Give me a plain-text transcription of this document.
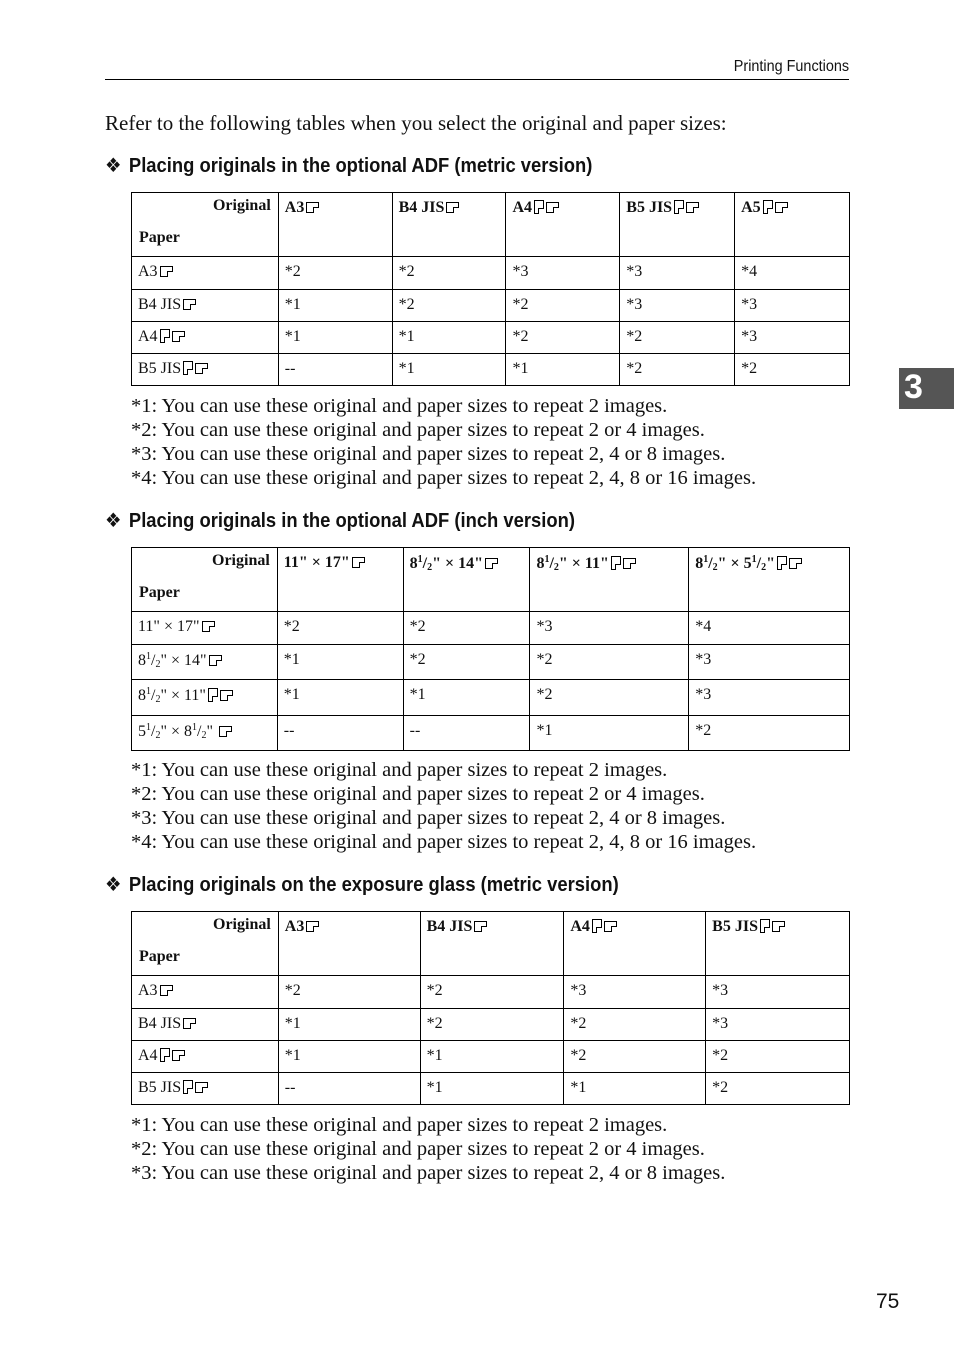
Printing Functions
Refer to the following tables when you select the original and paper sizes:
❖ Placing originals in the optional ADF (metric version)
Original
Paper	A3	B4 JIS	A4	B5 JIS	A5
A3	*2	*2	*3	*3	*4
B4 JIS	*1	*2	*2	*3	*3
A4	*1	*1	*2	*2	*3
B5 JIS	--	*1	*1	*2	*2
*1: You can use these original and paper sizes to repeat 2 images.
*2: You can use these original and paper sizes to repeat 2 or 4 images.
*3: You can use these original and paper sizes to repeat 2, 4 or 8 images.
*4: You can use these original and paper sizes to repeat 2, 4, 8 or 16 images.
❖ Placing originals in the optional ADF (inch version)
Original
Paper	11" × 17"	$8^1/_2$" × 14"	$8^1/_2$" × 11"	$8^1/_2$" × $5^1/_2$"
11" × 17"	*2	*2	*3	*4
$8^1/_2$" × 14"	*1	*2	*2	*3
$8^1/_2$" × 11"	*1	*1	*2	*3
$5^1/_2$" × $8^1/_2$"	--	--	*1	*2
*1: You can use these original and paper sizes to repeat 2 images.
*2: You can use these original and paper sizes to repeat 2 or 4 images.
*3: You can use these original and paper sizes to repeat 2, 4 or 8 images.
*4: You can use these original and paper sizes to repeat 2, 4, 8 or 16 images.
❖ Placing originals on the exposure glass (metric version)
Original
Paper	A3	B4 JIS	A4	B5 JIS
A3	*2	*2	*3	*3
B4 JIS	*1	*2	*2	*3
A4	*1	*1	*2	*2
B5 JIS	--	*1	*1	*2
*1: You can use these original and paper sizes to repeat 2 images.
*2: You can use these original and paper sizes to repeat 2 or 4 images.
*3: You can use these original and paper sizes to repeat 2, 4 or 8 images.
3
75
